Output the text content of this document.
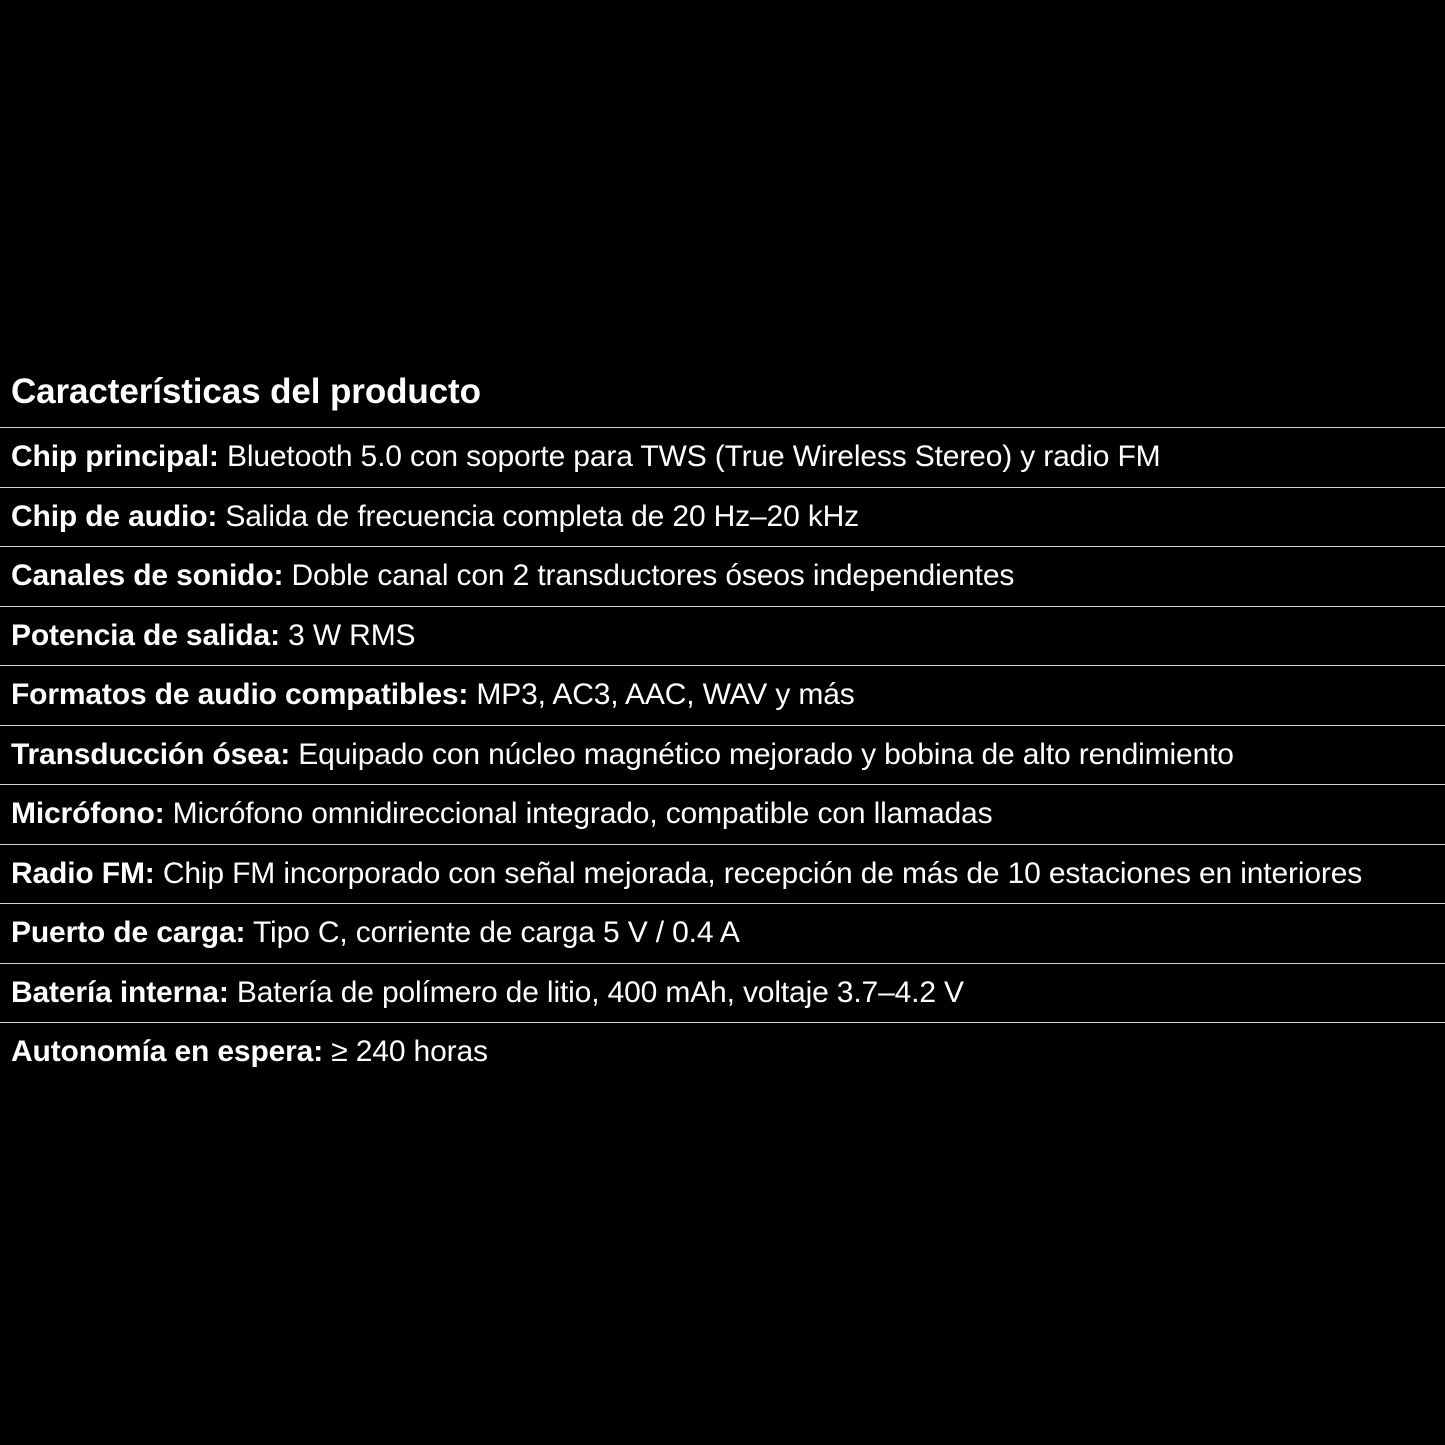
Características del producto
Chip principal: Bluetooth 5.0 con soporte para TWS (True Wireless Stereo) y radio FM
Chip de audio: Salida de frecuencia completa de 20 Hz–20 kHz
Canales de sonido: Doble canal con 2 transductores óseos independientes
Potencia de salida: 3 W RMS
Formatos de audio compatibles: MP3, AC3, AAC, WAV y más
Transducción ósea: Equipado con núcleo magnético mejorado y bobina de alto rendimiento
Micrófono: Micrófono omnidireccional integrado, compatible con llamadas
Radio FM: Chip FM incorporado con señal mejorada, recepción de más de 10 estaciones en interiores
Puerto de carga: Tipo C, corriente de carga 5 V / 0.4 A
Batería interna: Batería de polímero de litio, 400 mAh, voltaje 3.7–4.2 V
Autonomía en espera: ≥ 240 horas
